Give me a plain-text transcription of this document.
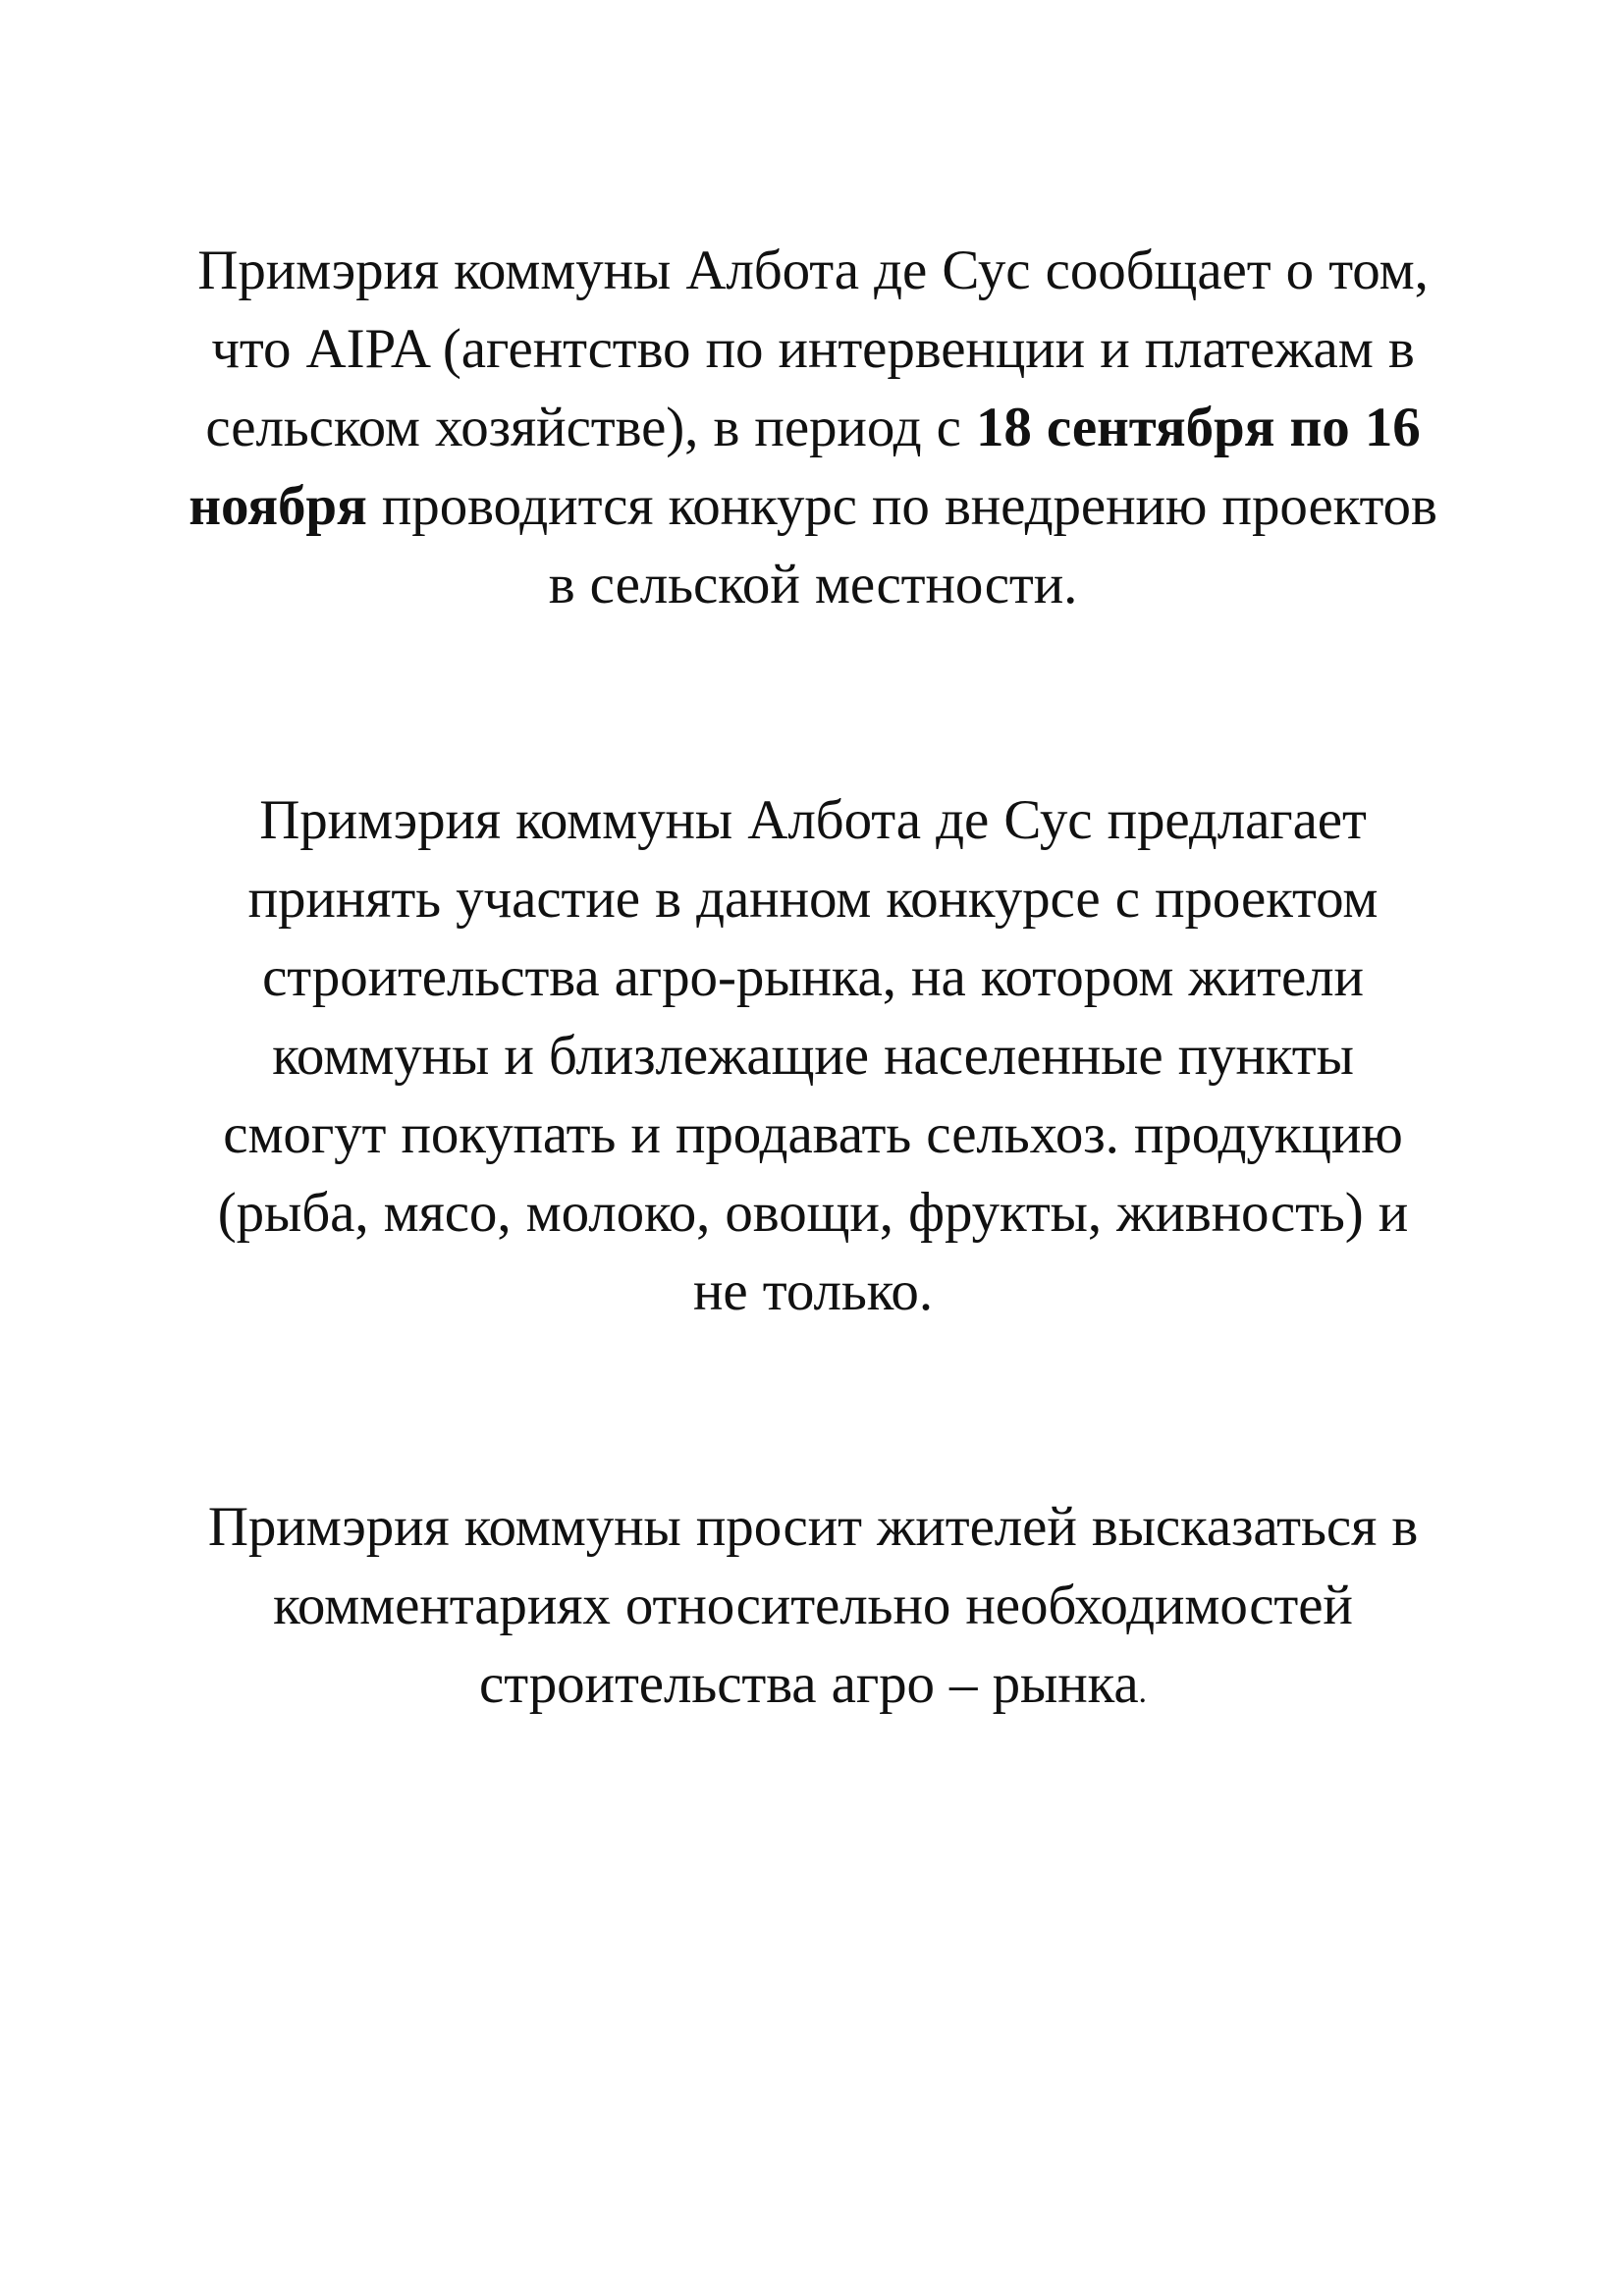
Примэрия коммуны Албота де Сус сообщает о том, что AIPA (агентство по интервенции и платежам в сельском хозяйстве), в период с 18 сентября по 16 ноября проводится конкурс по внедрению проектов в сельской местности.

Примэрия коммуны Албота де Сус предлагает принять участие в данном конкурсе с проектом строительства агро-рынка, на котором жители коммуны и близлежащие населенные пункты смогут покупать и продавать сельхоз. продукцию (рыба, мясо, молоко, овощи, фрукты, живность) и не только.

Примэрия коммуны просит жителей высказаться в комментариях относительно необходимостей строительства агро – рынка.
